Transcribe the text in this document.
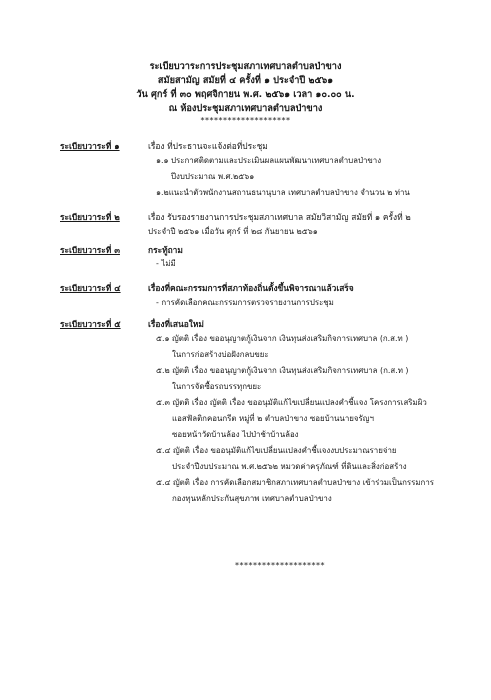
ระเบียบวาระการประชุมสภาเทศบาลตำบลป่าขาง
สมัยสามัญ สมัยที่ ๔ ครั้งที่ ๑ ประจำปี ๒๕๖๑
วัน ศุกร์ ที่ ๓๐ พฤศจิกายน พ.ศ. ๒๕๖๑ เวลา ๑๐.๐๐ น.
ณ ห้องประชุมสภาเทศบาลตำบลป่าขาง
********************
ระเบียบวาระที่ ๑	เรื่อง ที่ประธานจะแจ้งต่อที่ประชุม
๑.๑ ประกาศติดตามและประเมินผลแผนพัฒนาเทศบาลตำบลป่าขาง
ปีงบประมาณ พ.ศ.๒๕๖๑
๑.๒แนะนำตัวพนักงานสถานธนานุบาล เทศบาลตำบลป่าขาง จำนวน ๒ ท่าน
ระเบียบวาระที่ ๒	เรื่อง รับรองรายงานการประชุมสภาเทศบาล สมัยวิสามัญ สมัยที่ ๑ ครั้งที่ ๒
ประจำปี ๒๕๖๑ เมื่อวัน ศุกร์ ที่ ๒๘ กันยายน ๒๕๖๑
ระเบียบวาระที่ ๓	กระทู้ถาม
- ไม่มี
ระเบียบวาระที่ ๔	เรื่องที่คณะกรรมการที่สภาท้องถิ่นตั้งขึ้นพิจารณาแล้วเสร็จ
- การคัดเลือกคณะกรรมการตรวจรายงานการประชุม
ระเบียบวาระที่ ๕	เรื่องที่เสนอใหม่
๕.๑ ญัตติ เรื่อง ขออนุญาตกู้เงินจาก เงินทุนส่งเสริมกิจการเทศบาล (ก.ส.ท )
ในการก่อสร้างบ่อฝังกลบขยะ
๕.๒ ญัตติ เรื่อง ขออนุญาตกู้เงินจาก เงินทุนส่งเสริมกิจการเทศบาล (ก.ส.ท )
ในการจัดซื้อรถบรรทุกขยะ
๕.๓ ญัตติ เรื่อง ญัตติ เรื่อง ขออนุมัติแก้ไขเปลี่ยนแปลงคำชี้แจง โครงการเสริมผิว
แอสฟัลติกคอนกรีต หมู่ที่ ๒ ตำบลป่าขาง ซอยบ้านนายจรัญฯ
ซอยหน้าวัดบ้านล้อง ไปป่าช้าบ้านล้อง
๕.๔ ญัตติ เรื่อง ขออนุมัติแก้ไขเปลี่ยนแปลงคำชี้แจงงบประมาณรายจ่าย
ประจำปีงบประมาณ พ.ศ.๒๕๖๒ หมวดค่าครุภัณฑ์ ที่ดินและสิ่งก่อสร้าง
๕.๔ ญัตติ เรื่อง การคัดเลือกสมาชิกสภาเทศบาลตำบลป่าขาง เข้าร่วมเป็นกรรมการ
กองทุนหลักประกันสุขภาพ เทศบาลตำบลป่าขาง
********************
